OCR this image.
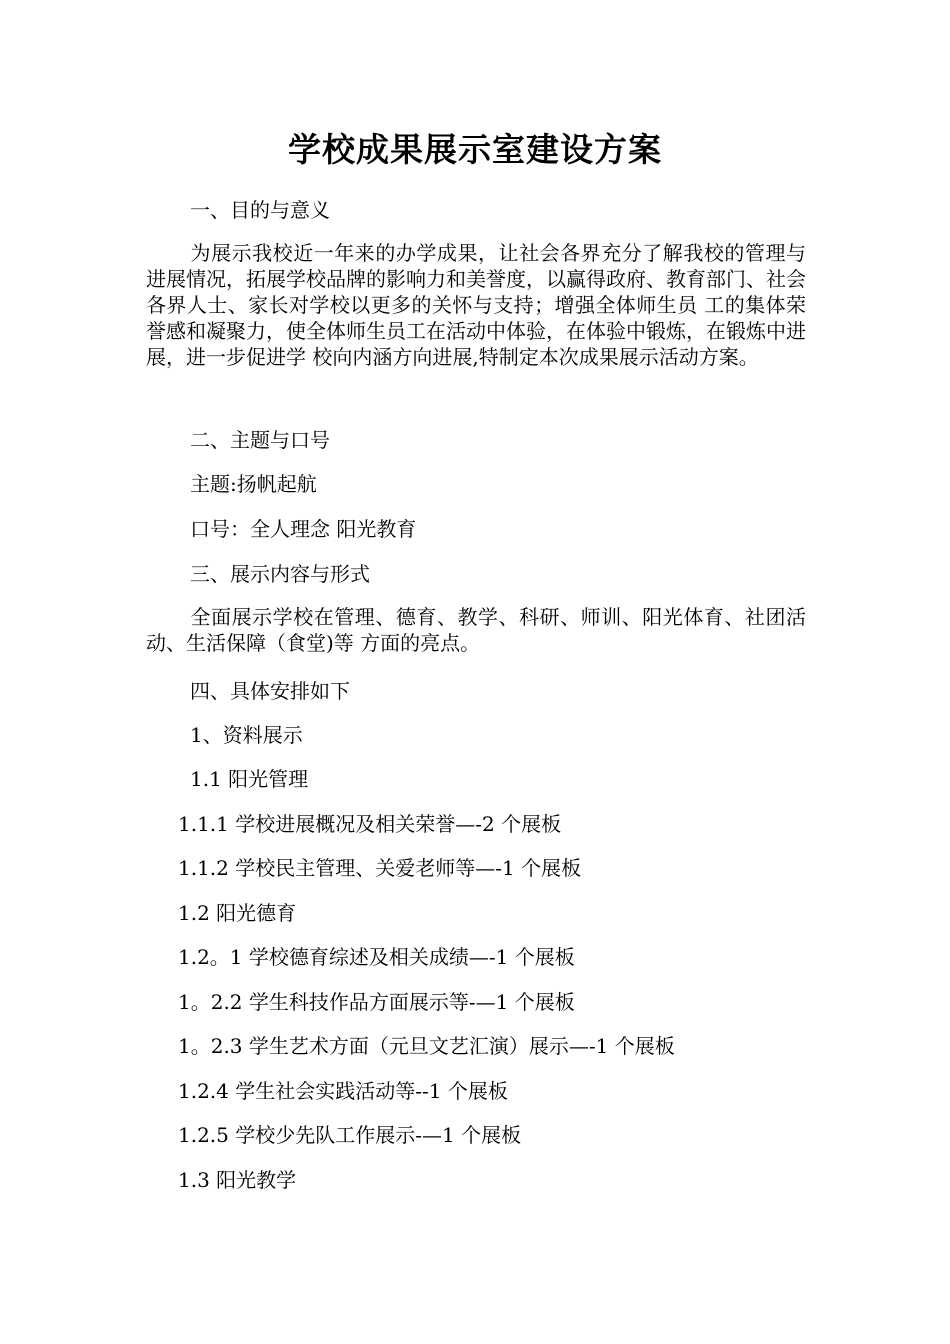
学校成果展示室建设方案
一、目的与意义
为展示我校近一年来的办学成果，让社会各界充分了解我校的管理与进展情况，拓展学校品牌的影响力和美誉度，以赢得政府、教育部门、社会各界人士、家长对学校以更多的关怀与支持；增强全体师生员 工的集体荣誉感和凝聚力，使全体师生员工在活动中体验，在体验中锻炼，在锻炼中进展，进一步促进学 校向内涵方向进展,特制定本次成果展示活动方案。
二、主题与口号
主题:扬帆起航
口号：全人理念 阳光教育
三、展示内容与形式
全面展示学校在管理、德育、教学、科研、师训、阳光体育、社团活动、生活保障（食堂)等 方面的亮点。
四、具体安排如下
1、资料展示
1.1 阳光管理
1.1.1 学校进展概况及相关荣誉—-2 个展板
1.1.2 学校民主管理、关爱老师等—-1 个展板
1.2 阳光德育
1.2。1 学校德育综述及相关成绩—-1 个展板
1。2.2 学生科技作品方面展示等-—1 个展板
1。2.3 学生艺术方面（元旦文艺汇演）展示—-1 个展板
1.2.4 学生社会实践活动等--1 个展板
1.2.5 学校少先队工作展示-—1 个展板
1.3 阳光教学
